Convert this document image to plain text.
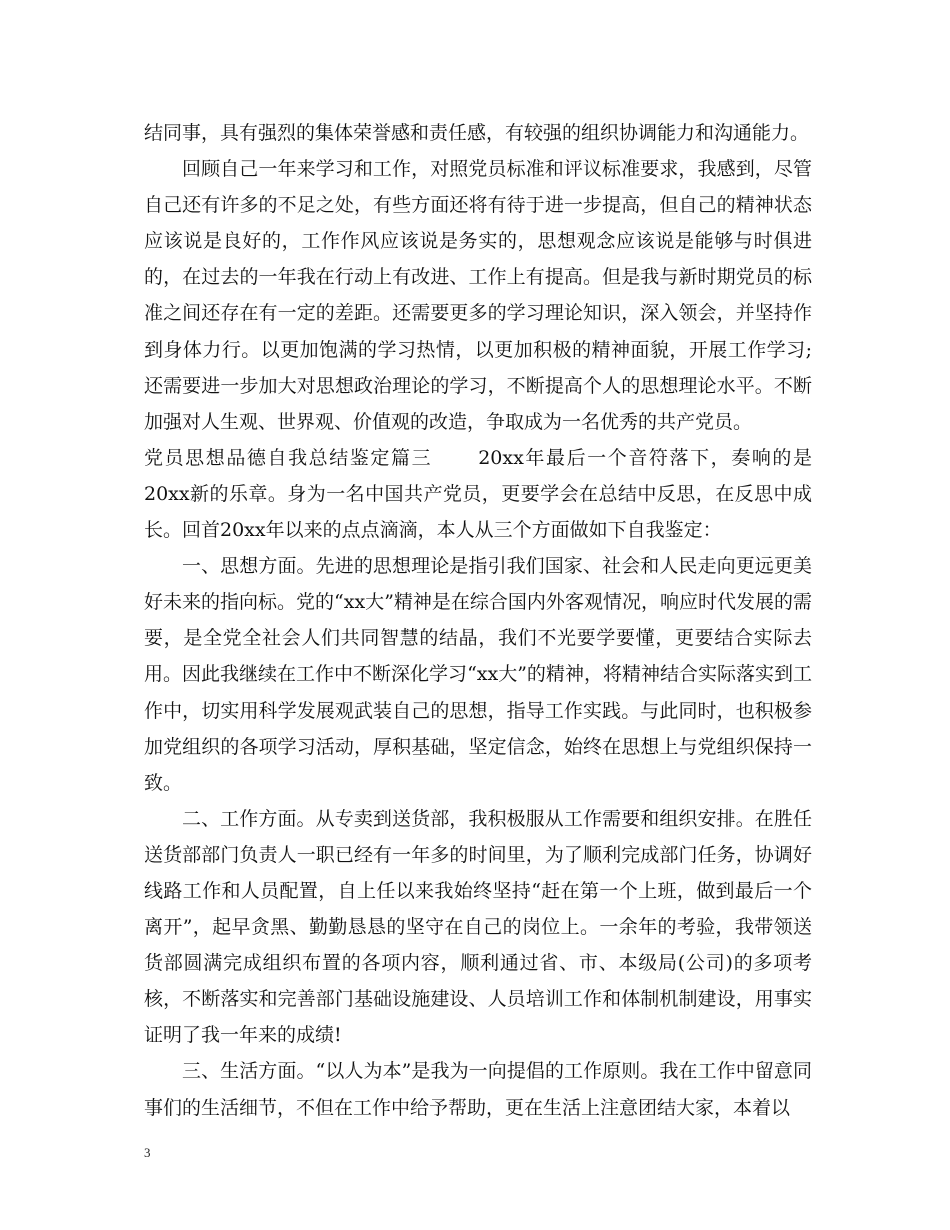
结同事，具有强烈的集体荣誉感和责任感，有较强的组织协调能力和沟通能力。

回顾自己一年来学习和工作，对照党员标准和评议标准要求，我感到，尽管自己还有许多的不足之处，有些方面还将有待于进一步提高，但自己的精神状态应该说是良好的，工作作风应该说是务实的，思想观念应该说是能够与时俱进的，在过去的一年我在行动上有改进、工作上有提高。但是我与新时期党员的标准之间还存在有一定的差距。还需要更多的学习理论知识，深入领会，并坚持作到身体力行。以更加饱满的学习热情，以更加积极的精神面貌，开展工作学习;还需要进一步加大对思想政治理论的学习，不断提高个人的思想理论水平。不断加强对人生观、世界观、价值观的改造，争取成为一名优秀的共产党员。

党员思想品德自我总结鉴定篇三 20xx年最后一个音符落下，奏响的是20xx新的乐章。身为一名中国共产党员，更要学会在总结中反思，在反思中成长。回首20xx年以来的点点滴滴，本人从三个方面做如下自我鉴定：

一、思想方面。先进的思想理论是指引我们国家、社会和人民走向更远更美好未来的指向标。党的“xx大”精神是在综合国内外客观情况，响应时代发展的需要，是全党全社会人们共同智慧的结晶，我们不光要学要懂，更要结合实际去用。因此我继续在工作中不断深化学习“xx大”的精神，将精神结合实际落实到工作中，切实用科学发展观武装自己的思想，指导工作实践。与此同时，也积极参加党组织的各项学习活动，厚积基础，坚定信念，始终在思想上与党组织保持一致。

二、工作方面。从专卖到送货部，我积极服从工作需要和组织安排。在胜任送货部部门负责人一职已经有一年多的时间里，为了顺利完成部门任务，协调好线路工作和人员配置，自上任以来我始终坚持“赶在第一个上班，做到最后一个离开”，起早贪黑、勤勤恳恳的坚守在自己的岗位上。一余年的考验，我带领送货部圆满完成组织布置的各项内容，顺利通过省、市、本级局(公司)的多项考核，不断落实和完善部门基础设施建设、人员培训工作和体制机制建设，用事实证明了我一年来的成绩!

三、生活方面。“以人为本”是我为一向提倡的工作原则。我在工作中留意同事们的生活细节，不但在工作中给予帮助，更在生活上注意团结大家，本着以

3
